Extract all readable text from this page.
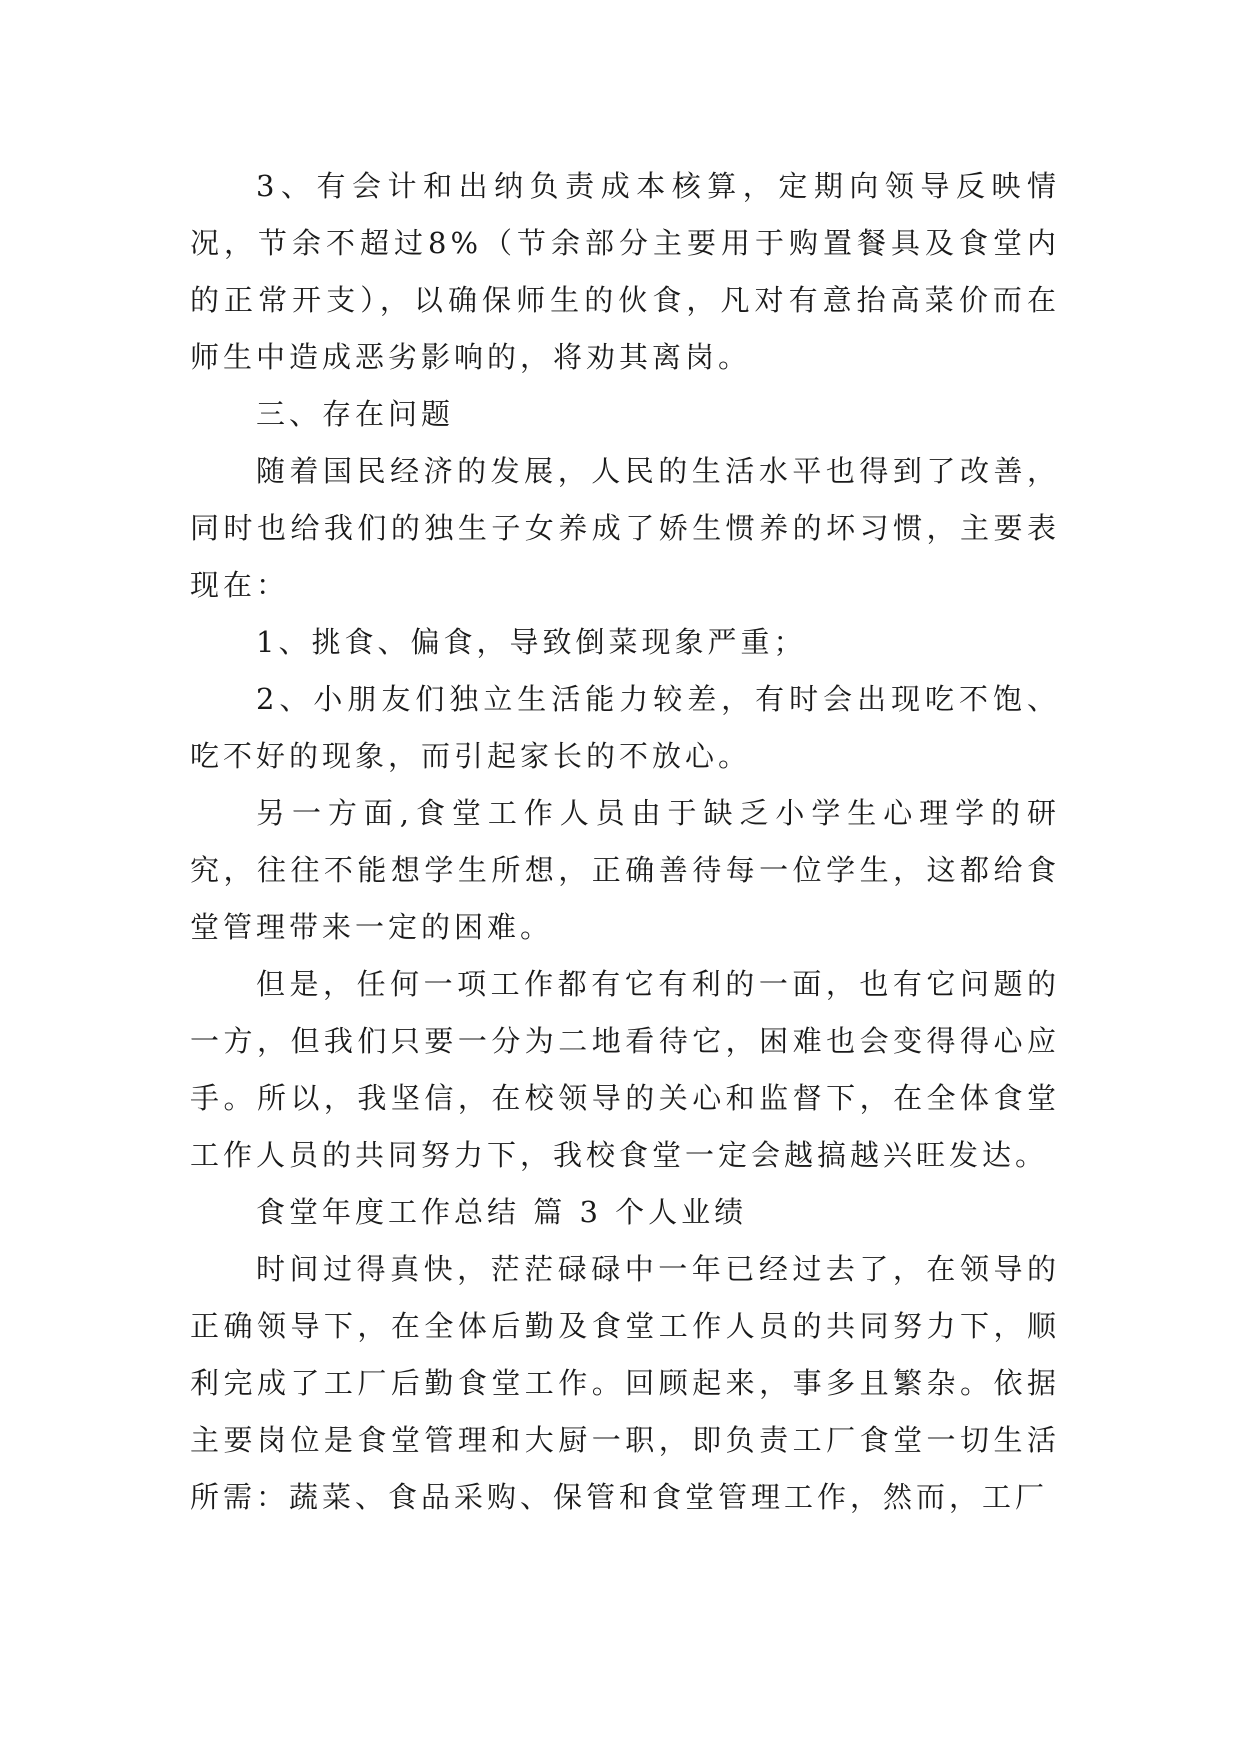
3、有会计和出纳负责成本核算，定期向领导反映情况，节余不超过8%（节余部分主要用于购置餐具及食堂内的正常开支），以确保师生的伙食，凡对有意抬高菜价而在师生中造成恶劣影响的，将劝其离岗。

三、存在问题

随着国民经济的发展，人民的生活水平也得到了改善，同时也给我们的独生子女养成了娇生惯养的坏习惯，主要表现在：

1、挑食、偏食，导致倒菜现象严重；

2、小朋友们独立生活能力较差，有时会出现吃不饱、吃不好的现象，而引起家长的不放心。

另一方面,食堂工作人员由于缺乏小学生心理学的研究，往往不能想学生所想，正确善待每一位学生，这都给食堂管理带来一定的困难。

但是，任何一项工作都有它有利的一面，也有它问题的一方，但我们只要一分为二地看待它，困难也会变得得心应手。所以，我坚信，在校领导的关心和监督下，在全体食堂工作人员的共同努力下，我校食堂一定会越搞越兴旺发达。

食堂年度工作总结 篇 3 个人业绩

时间过得真快，茫茫碌碌中一年已经过去了，在领导的正确领导下，在全体后勤及食堂工作人员的共同努力下，顺利完成了工厂后勤食堂工作。回顾起来，事多且繁杂。依据主要岗位是食堂管理和大厨一职，即负责工厂食堂一切生活所需：蔬菜、食品采购、保管和食堂管理工作，然而，工厂
